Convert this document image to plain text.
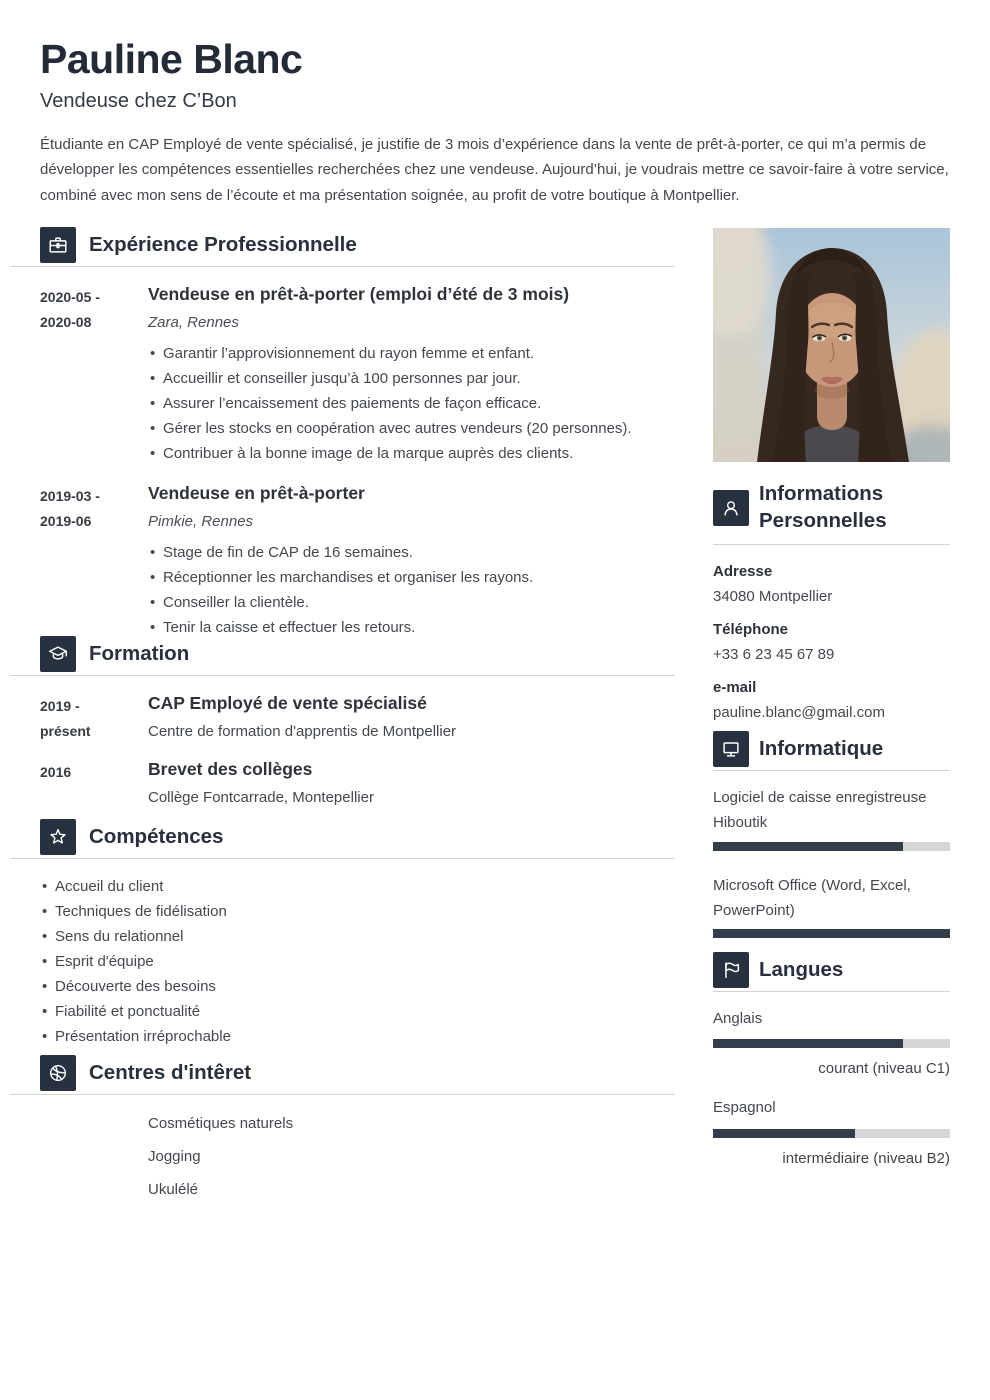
Pauline Blanc
Vendeuse chez C’Bon
Étudiante en CAP Employé de vente spécialisé, je justifie de 3 mois d’expérience dans la vente de prêt-à-porter, ce qui m’a permis de développer les compétences essentielles recherchées chez une vendeuse. Aujourd’hui, je voudrais mettre ce savoir-faire à votre service, combiné avec mon sens de l’écoute et ma présentation soignée, au profit de votre boutique à Montpellier.
Expérience Professionnelle
2020-05 -
2020-08
Vendeuse en prêt-à-porter (emploi d’été de 3 mois)
Zara, Rennes
• Garantir l’approvisionnement du rayon femme et enfant.
• Accueillir et conseiller jusqu’à 100 personnes par jour.
• Assurer l’encaissement des paiements de façon efficace.
• Gérer les stocks en coopération avec autres vendeurs (20 personnes).
• Contribuer à la bonne image de la marque auprès des clients.
2019-03 -
2019-06
Vendeuse en prêt-à-porter
Pimkie, Rennes
• Stage de fin de CAP de 16 semaines.
• Réceptionner les marchandises et organiser les rayons.
• Conseiller la clientèle.
• Tenir la caisse et effectuer les retours.
Formation
2019 -
présent
CAP Employé de vente spécialisé
Centre de formation d'apprentis de Montpellier
2016	Brevet des collèges
Collège Fontcarrade, Montepellier
Compétences
• Accueil du client
• Techniques de fidélisation
• Sens du relationnel
• Esprit d'équipe
• Découverte des besoins
• Fiabilité et ponctualité
• Présentation irréprochable
Centres d'intêret
Cosmétiques naturels
Jogging
Ukulélé
Informations
Personnelles
Adresse
34080 Montpellier
Téléphone
+33 6 23 45 67 89
e-mail
pauline.blanc@gmail.com
Informatique
Logiciel de caisse enregistreuse Hiboutik
Microsoft Office (Word, Excel, PowerPoint)
Langues
Anglais
courant (niveau C1)
Espagnol
intermédiaire (niveau B2)
